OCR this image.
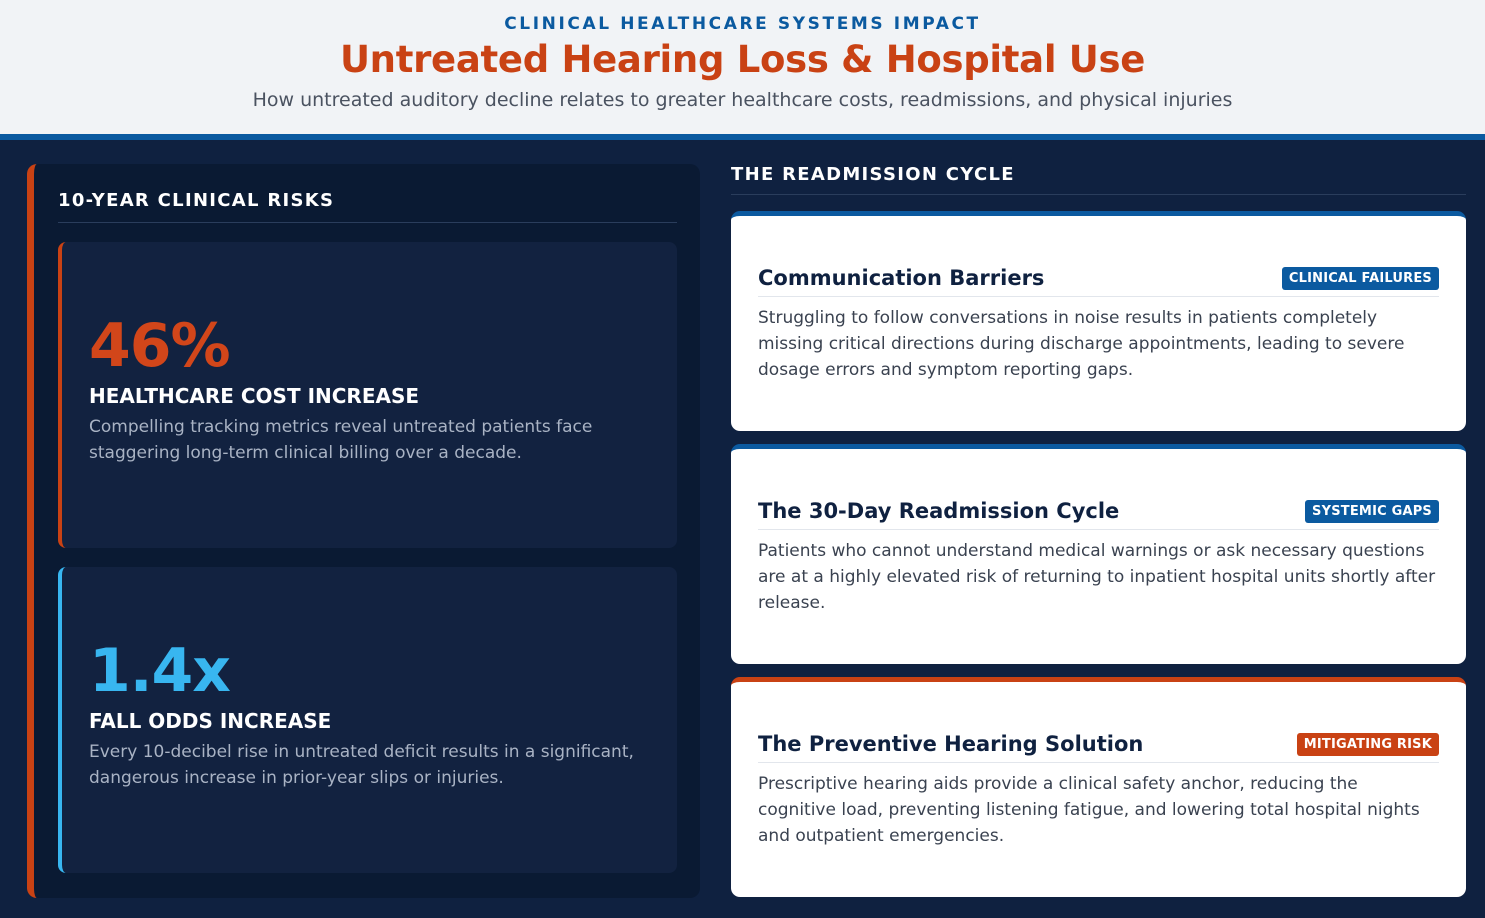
CLINICAL HEALTHCARE SYSTEMS IMPACT
Untreated Hearing Loss & Hospital Use
How untreated auditory decline relates to greater healthcare costs, readmissions, and physical injuries
10-YEAR CLINICAL RISKS
46%
HEALTHCARE COST INCREASE
Compelling tracking metrics reveal untreated patients face staggering long-term clinical billing over a decade.
1.4x
FALL ODDS INCREASE
Every 10-decibel rise in untreated deficit results in a significant, dangerous increase in prior-year slips or injuries.
THE READMISSION CYCLE
Communication Barriers	CLINICAL FAILURES
Struggling to follow conversations in noise results in patients completely missing critical directions during discharge appointments, leading to severe dosage errors and symptom reporting gaps.
The 30-Day Readmission Cycle	SYSTEMIC GAPS
Patients who cannot understand medical warnings or ask necessary questions are at a highly elevated risk of returning to inpatient hospital units shortly after release.
The Preventive Hearing Solution	MITIGATING RISK
Prescriptive hearing aids provide a clinical safety anchor, reducing the cognitive load, preventing listening fatigue, and lowering total hospital nights and outpatient emergencies.
